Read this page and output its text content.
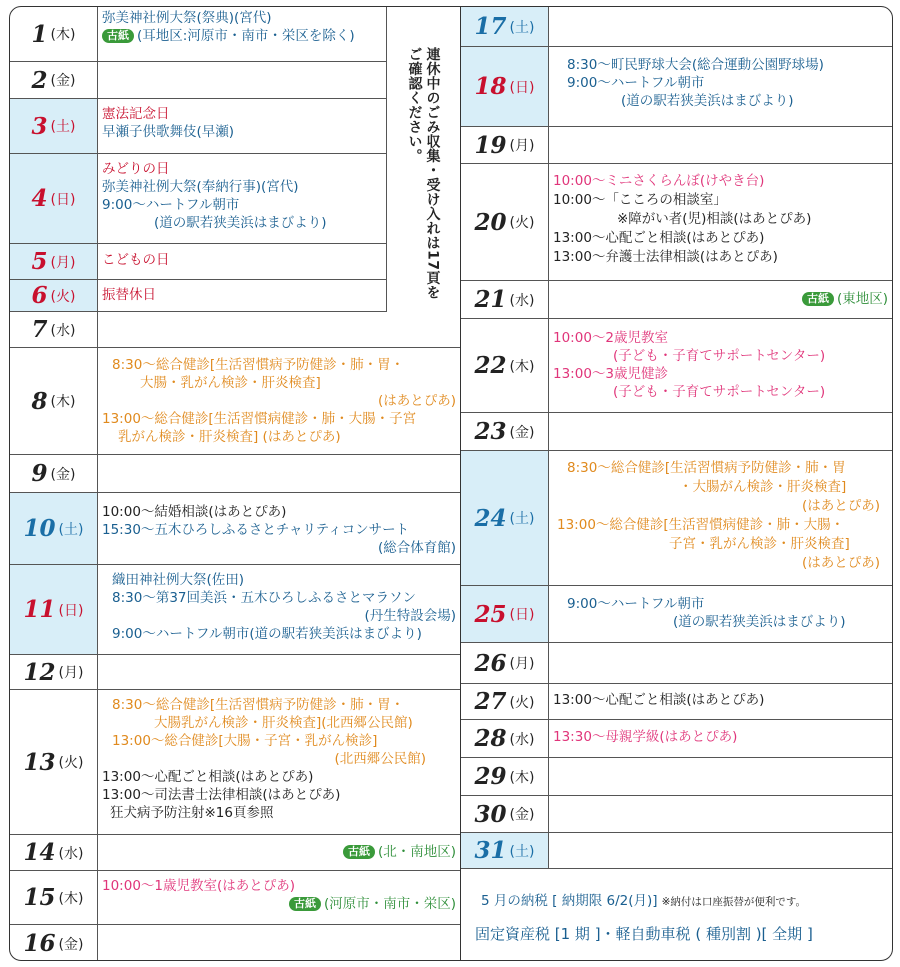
1 (木)
弥美神社例大祭(祭典)(宮代)
古紙 (耳地区:河原市・南市・栄区を除く)
2 (金)
3 (土)
憲法記念日
早瀬子供歌舞伎(早瀬)
4 (日)
みどりの日
弥美神社例大祭(奉納行事)(宮代)
9:00～ハートフル朝市
(道の駅若狭美浜はまびより)
5 (月) こどもの日
6 (火) 振替休日
7 (水)
8 (木)
8:30～総合健診[生活習慣病予防健診・肺・胃・
大腸・乳がん検診・肝炎検査]
(はあとぴあ)
13:00～総合健診[生活習慣病健診・肺・大腸・子宮
乳がん検診・肝炎検査] (はあとぴあ)
9 (金)
10 (土)
10:00～結婚相談(はあとぴあ)
15:30～五木ひろしふるさとチャリティコンサート
(総合体育館)
11 (日)
織田神社例大祭(佐田)
8:30～第37回美浜・五木ひろしふるさとマラソン
(丹生特設会場)
9:00～ハートフル朝市(道の駅若狭美浜はまびより)
12 (月)
13 (火)
8:30～総合健診[生活習慣病予防健診・肺・胃・
大腸乳がん検診・肝炎検査](北西郷公民館)
13:00～総合健診[大腸・子宮・乳がん検診]
(北西郷公民館)
13:00～心配ごと相談(はあとぴあ)
13:00～司法書士法律相談(はあとぴあ)
狂犬病予防注射※16頁参照
14 (水)	古紙 (北・南地区)
15 (木)
10:00～1歳児教室(はあとぴあ)
古紙 (河原市・南市・栄区)
16 (金)
連休中のごみ収集・受け入れは17頁をご確認ください。
17 (土)
18 (日)
8:30～町民野球大会(総合運動公園野球場)
9:00～ハートフル朝市
(道の駅若狭美浜はまびより)
19 (月)
20 (火)
10:00～ミニさくらんぼ(けやき台)
10:00～「こころの相談室」
※障がい者(児)相談(はあとぴあ)
13:00～心配ごと相談(はあとぴあ)
13:00～弁護士法律相談(はあとぴあ)
21 (水)	古紙 (東地区)
22 (木)
10:00～2歳児教室
(子ども・子育てサポートセンター)
13:00～3歳児健診
(子ども・子育てサポートセンター)
23 (金)
24 (土)
8:30～総合健診[生活習慣病予防健診・肺・胃
・大腸がん検診・肝炎検査]
(はあとぴあ)
13:00～総合健診[生活習慣病健診・肺・大腸・
子宮・乳がん検診・肝炎検査]
(はあとぴあ)
25 (日)
9:00～ハートフル朝市
(道の駅若狭美浜はまびより)
26 (月)
27 (火) 13:00～心配ごと相談(はあとぴあ)
28 (水) 13:30～母親学級(はあとぴあ)
29 (木)
30 (金)
31 (土)
5 月の納税 [ 納期限 6/2(月)] ※納付は口座振替が便利です。
固定資産税 [1 期 ]・軽自動車税 ( 種別割 )[ 全期 ]
